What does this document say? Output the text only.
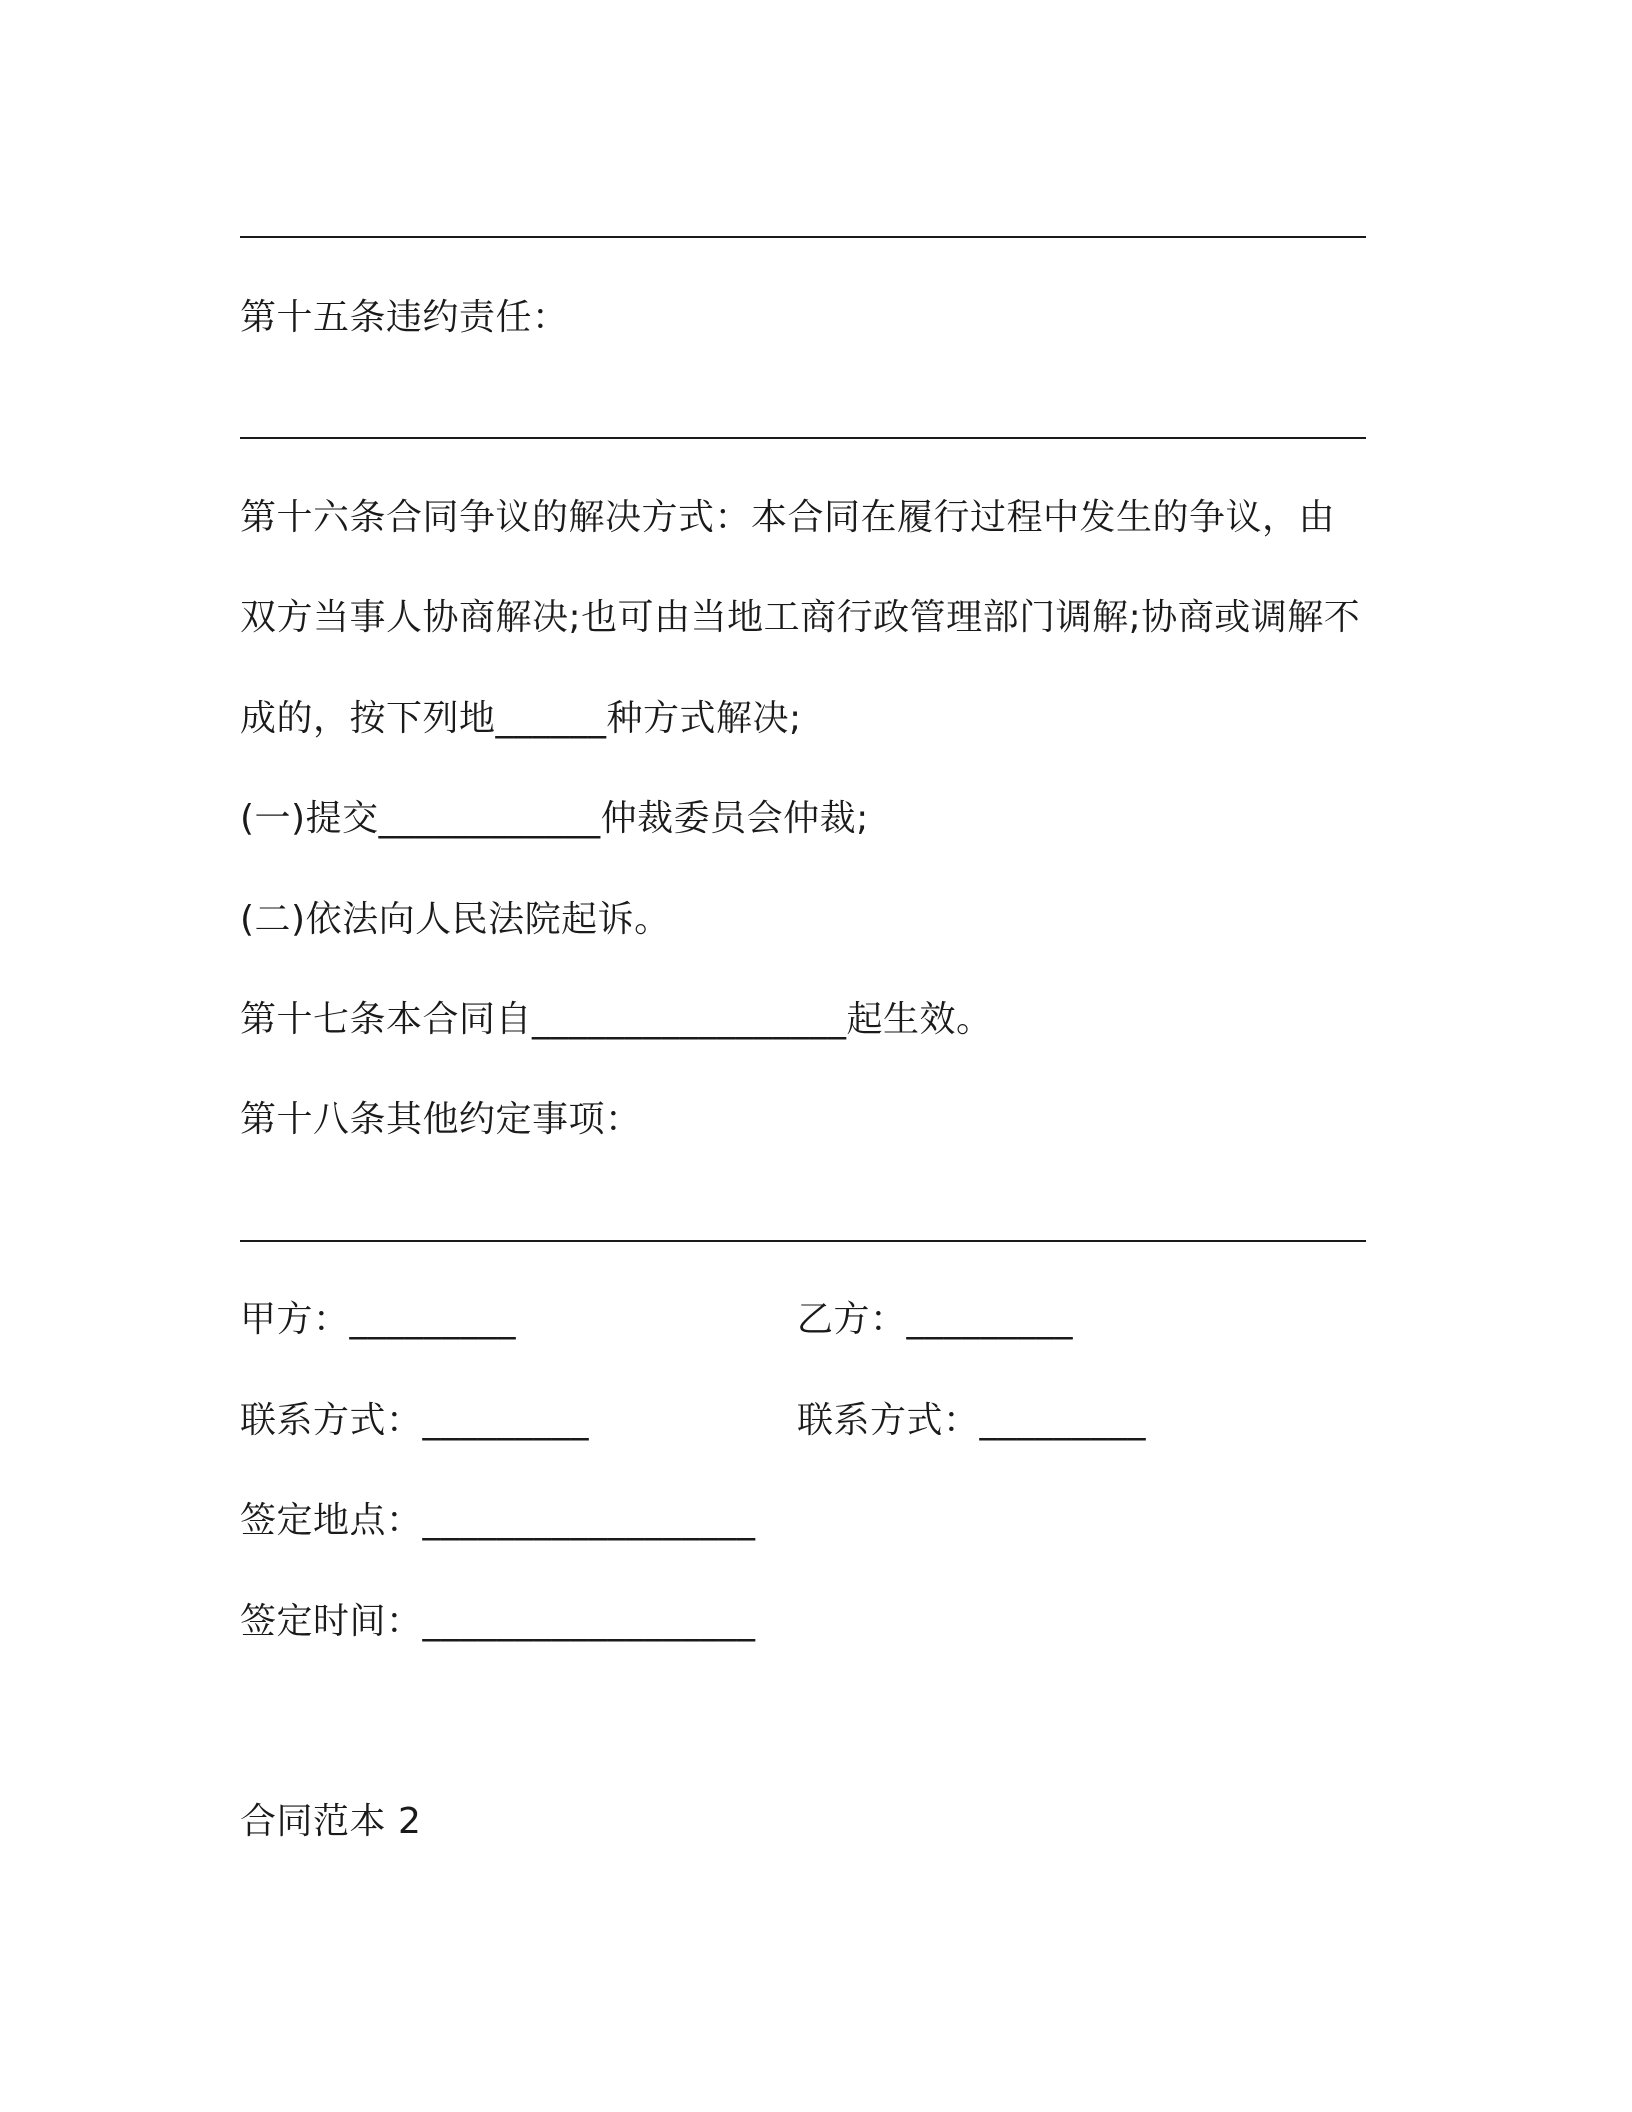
第十五条违约责任：
第十六条合同争议的解决方式：本合同在履行过程中发生的争议，由
双方当事人协商解决;也可由当地工商行政管理部门调解;协商或调解不
成的，按下列地______种方式解决;
(一)提交____________仲裁委员会仲裁;
(二)依法向人民法院起诉。
第十七条本合同自_________________起生效。
第十八条其他约定事项：
甲方：_________	乙方：_________
联系方式：_________	联系方式：_________
签定地点：__________________
签定时间：__________________
合同范本 2
